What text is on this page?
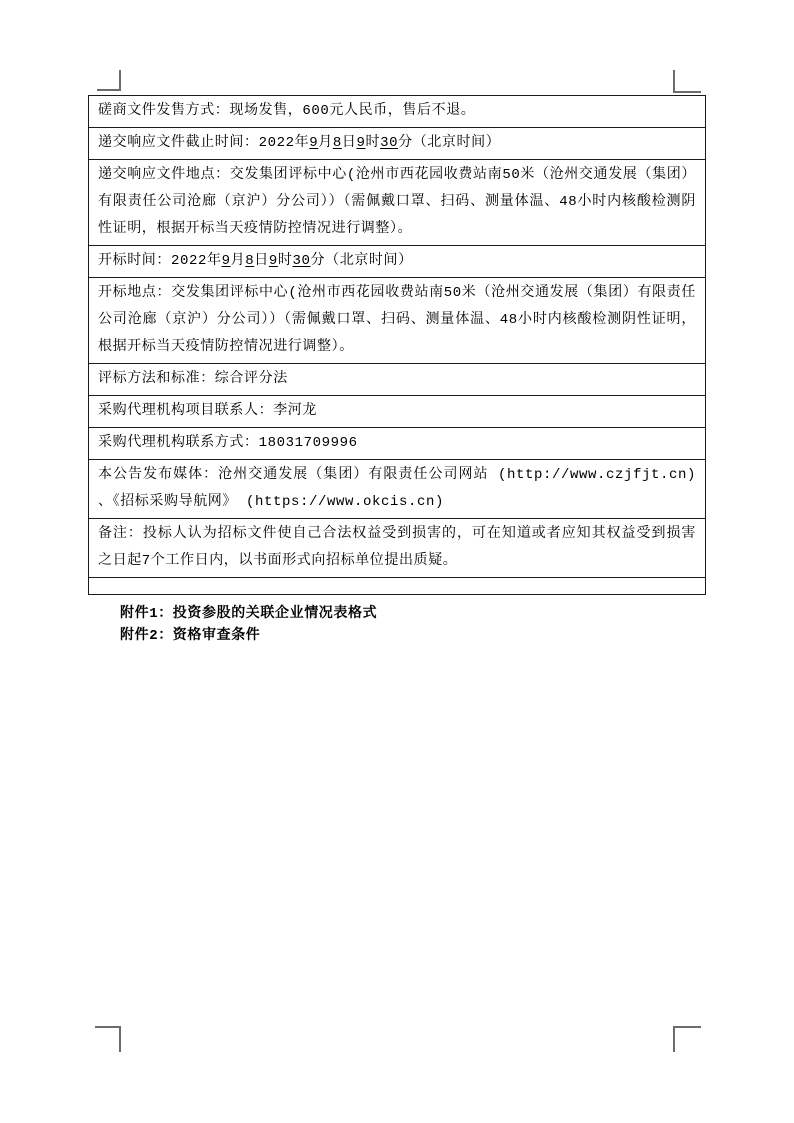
磋商文件发售方式：现场发售，600元人民币，售后不退。
递交响应文件截止时间：2022年9月8日9时30分（北京时间）
递交响应文件地点：交发集团评标中心(沧州市西花园收费站南50米（沧州交通发展（集团）有限责任公司沧廊（京沪）分公司））（需佩戴口罩、扫码、测量体温、48小时内核酸检测阴性证明，根据开标当天疫情防控情况进行调整）。
开标时间：2022年9月8日9时30分（北京时间）
开标地点：交发集团评标中心(沧州市西花园收费站南50米（沧州交通发展（集团）有限责任公司沧廊（京沪）分公司））（需佩戴口罩、扫码、测量体温、48小时内核酸检测阴性证明，根据开标当天疫情防控情况进行调整）。
评标方法和标准：综合评分法
采购代理机构项目联系人：李河龙
采购代理机构联系方式：18031709996
本公告发布媒体：沧州交通发展（集团）有限责任公司网站 (http://www.czjfjt.cn) 、《招标采购导航网》 (https://www.okcis.cn)
备注：投标人认为招标文件使自己合法权益受到损害的，可在知道或者应知其权益受到损害之日起7个工作日内，以书面形式向招标单位提出质疑。
附件1：投资参股的关联企业情况表格式
附件2：资格审查条件
